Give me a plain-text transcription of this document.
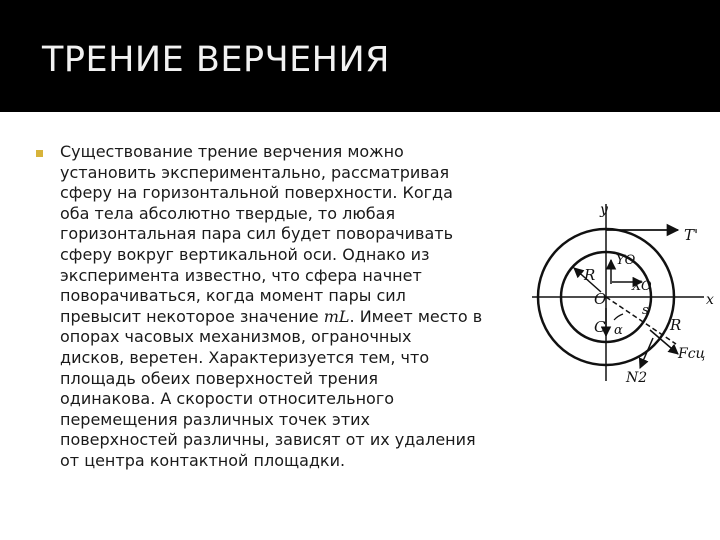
ТРЕНИЕ ВЕРЧЕНИЯ
Существование трение верчения можно
установить экспериментально, рассматривая
сферу на горизонтальной поверхности. Когда
оба тела абсолютно твердые, то любая
горизонтальная пара сил будет поворачивать
сферу вокруг вертикальной оси. Однако из
эксперимента известно, что сфера начнет
поворачиваться, когда момент пары сил
превысит некоторое значение mL. Имеет место в
опорах часовых механизмов, ограночных
дисков, веретен. Характеризуется тем, что
площадь обеих поверхностей трения
одинакова. А скорости относительного
перемещения различных точек этих
поверхностей различны, зависят от их удаления
от центра контактной площадки.
y
T'
R
YO
XO
O	x
s
R
G α
Fсц
N2
